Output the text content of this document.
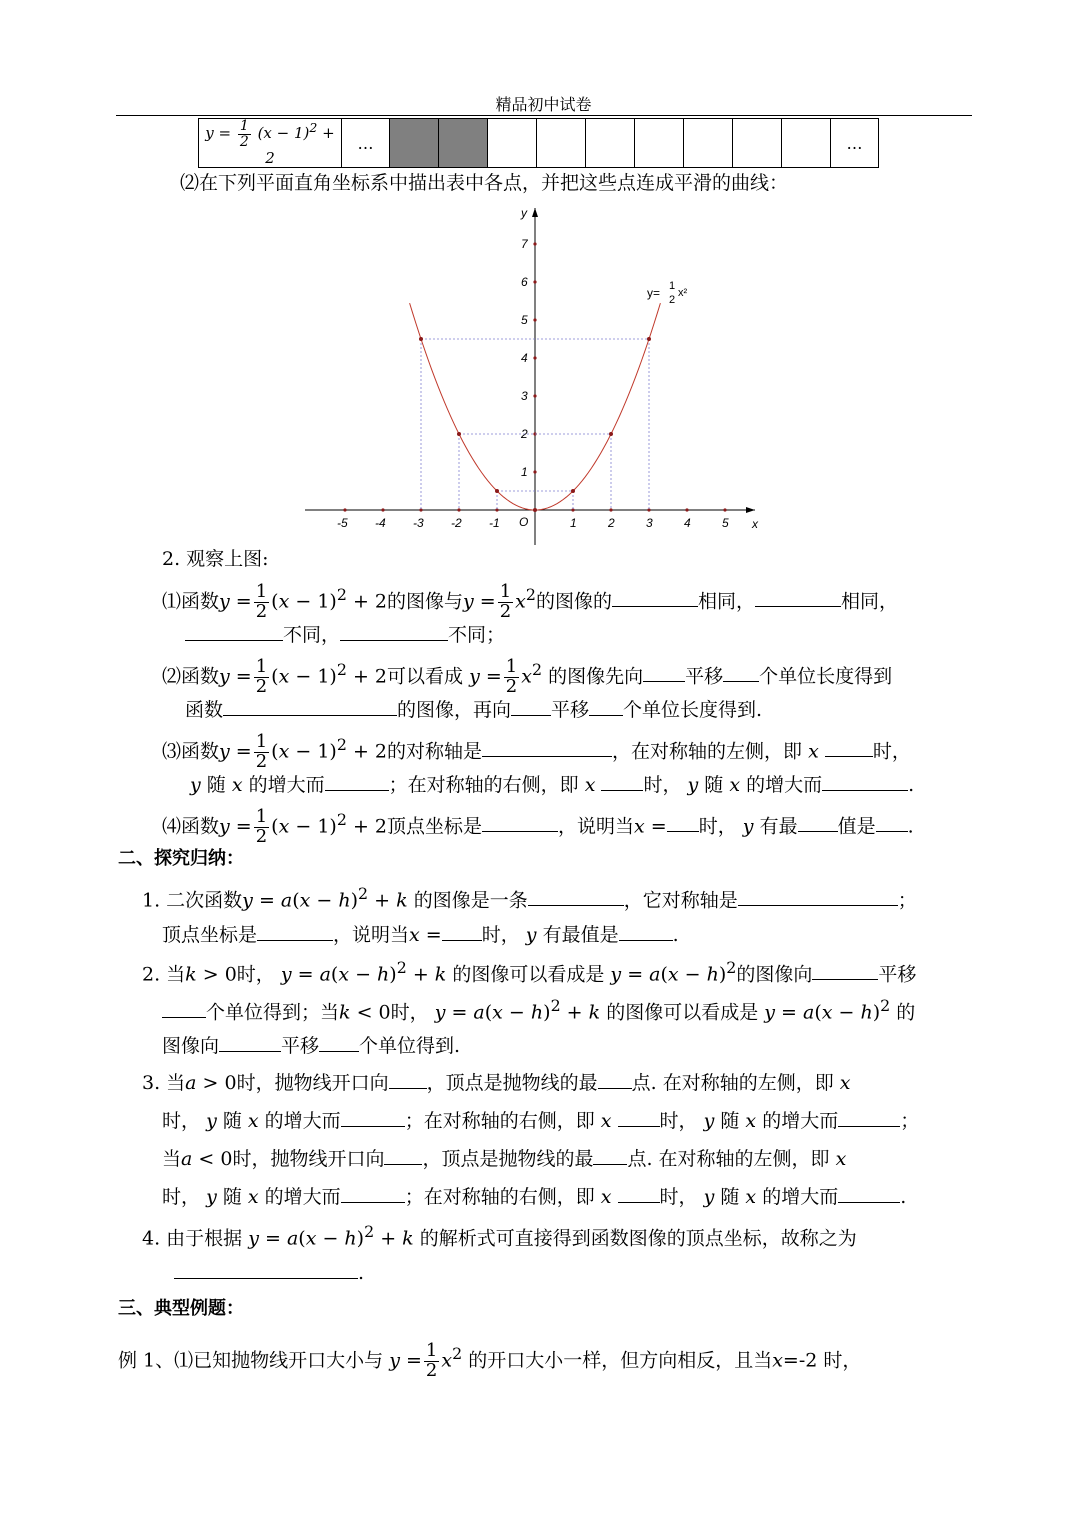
精品初中试卷
$y = \frac{1}{2} (x - 1)^2 + 2$	…										…
⑵在下列平面直角坐标系中描出表中各点，并把这些点连成平滑的曲线：
x
y
O
-5 -4 -3 -2 -1	1	2	3	4	5
1
2
3
4
5
6
7
y= 1
2
x²
2. 观察上图:
⑴函数$y = \frac{1}{2} (x - 1)^2 + 2$的图像与$y = \frac{1}{2} x^2$的图像的	相同，	相同，
不同，	不同；
⑵函数$y = \frac{1}{2} (x - 1)^2 + 2$可以看成 $y = \frac{1}{2} x^2$ 的图像先向 平移 个单位长度得到
函数	的图像，再向 平移 个单位长度得到.
⑶函数$y = \frac{1}{2} (x - 1)^2 + 2$的对称轴是	，在对称轴的左侧，即 x	时，
y 随 x 的增大而	；在对称轴的右侧，即 x	时， y 随 x 的增大而	.
⑷函数$y = \frac{1}{2} (x - 1)^2 + 2$顶点坐标是	，说明当x = 时， y 有最 值是 .
二、探究归纳：
1. 二次函数$y = a(x - h)^2 + k$ 的图像是一条	，它对称轴是	；
顶点坐标是	，说明当x = 时， y 有最值是	.
2. 当k > 0时， $y = a(x - h)^2 + k$ 的图像可以看成是 $y = a(x - h)^2$的图像向	平移
个单位得到；当k < 0时， $y = a(x - h)^2 + k$ 的图像可以看成是 $y = a(x - h)^2$ 的
图像向	平移 个单位得到.
3. 当a > 0时，抛物线开口向 ，顶点是抛物线的最 点. 在对称轴的左侧，即 x
时， y 随 x 的增大而	；在对称轴的右侧，即 x	时， y 随 x 的增大而	；
当a < 0时，抛物线开口向 ，顶点是抛物线的最 点. 在对称轴的左侧，即 x
时， y 随 x 的增大而	；在对称轴的右侧，即 x	时， y 随 x 的增大而	.
4. 由于根据 $y = a(x - h)^2 + k$ 的解析式可直接得到函数图像的顶点坐标，故称之为
.
三、典型例题：
例 1、⑴已知抛物线开口大小与 $y = \frac{1}{2} x^2$ 的开口大小一样，但方向相反，且当x=-2 时，
